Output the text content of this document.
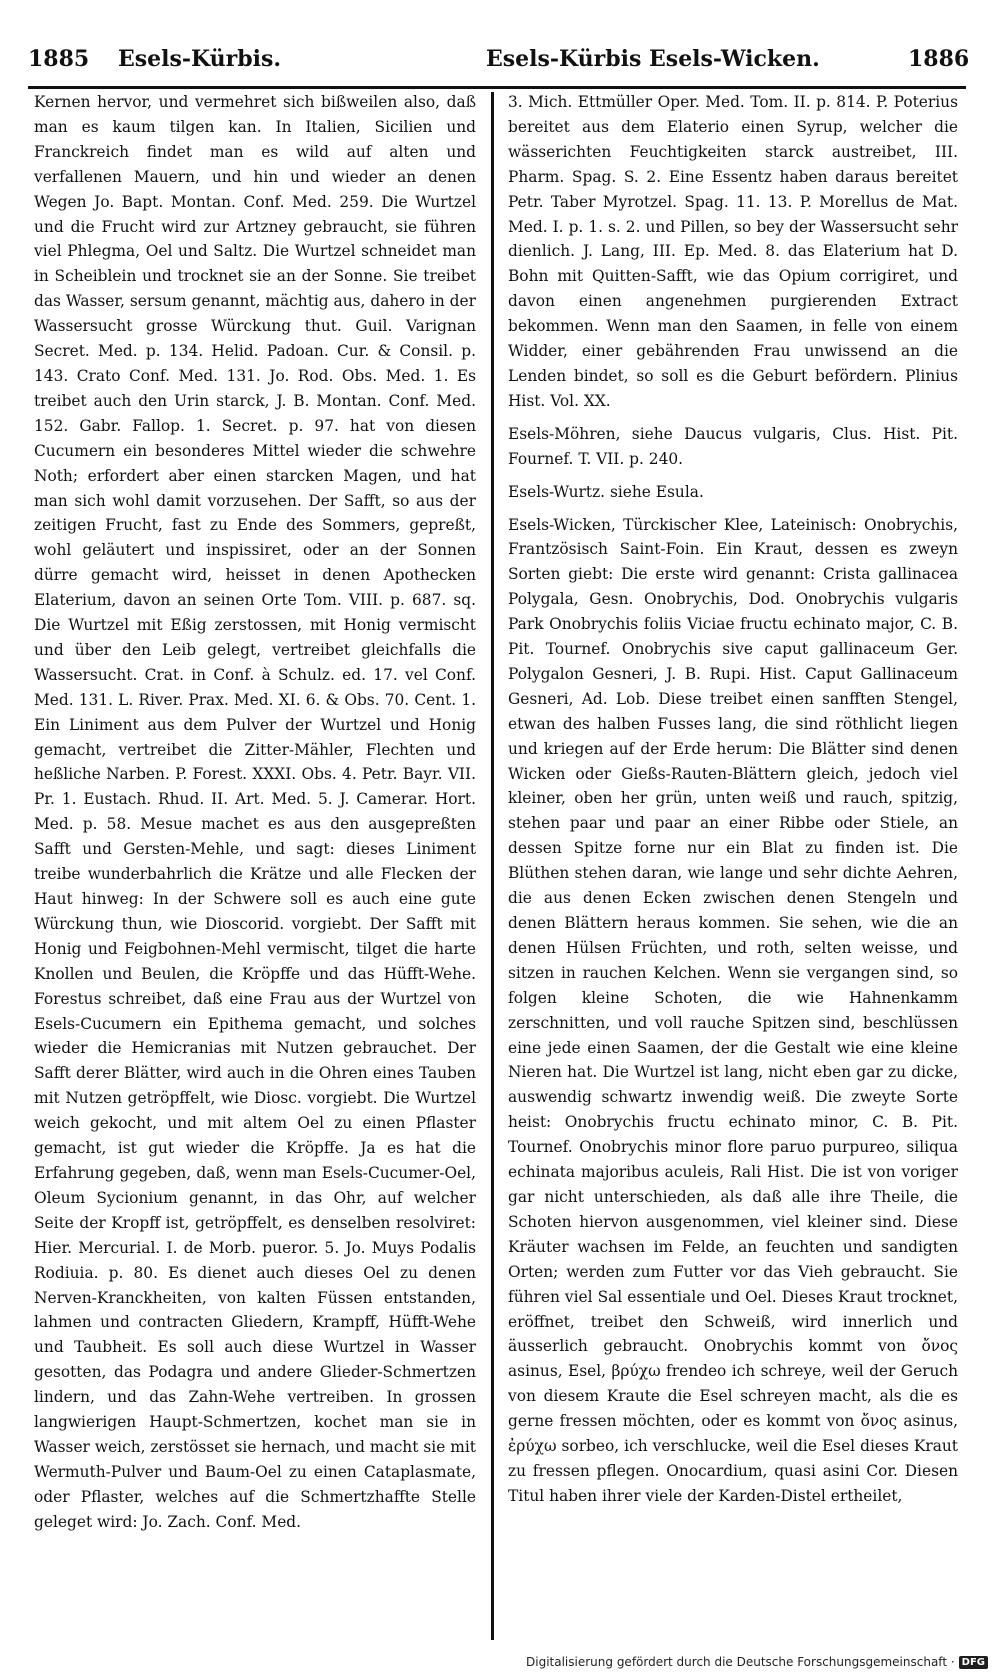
1885 Esels-Kürbis.	Esels-Kürbis Esels-Wicken.	1886

Kernen hervor, und vermehret sich bißweilen also, daß man es kaum tilgen kan. In Italien, Sicilien und Franckreich findet man es wild auf alten und verfallenen Mauern, und hin und wieder an denen Wegen Jo. Bapt. Montan. Conf. Med. 259. Die Wurtzel und die Frucht wird zur Artzney gebraucht, sie führen viel Phlegma, Oel und Saltz. Die Wurtzel schneidet man in Scheiblein und trocknet sie an der Sonne. Sie treibet das Wasser, sersum genannt, mächtig aus, dahero in der Wassersucht grosse Würckung thut. Guil. Varignan Secret. Med. p. 134. Helid. Padoan. Cur. & Consil. p. 143. Crato Conf. Med. 131. Jo. Rod. Obs. Med. 1. Es treibet auch den Urin starck, J. B. Montan. Conf. Med. 152. Gabr. Fallop. 1. Secret. p. 97. hat von diesen Cucumern ein besonderes Mittel wieder die schwehre Noth; erfordert aber einen starcken Magen, und hat man sich wohl damit vorzusehen. Der Safft, so aus der zeitigen Frucht, fast zu Ende des Sommers, gepreßt, wohl geläutert und inspissiret, oder an der Sonnen dürre gemacht wird, heisset in denen Apothecken Elaterium, davon an seinen Orte Tom. VIII. p. 687. sq. Die Wurtzel mit Eßig zerstossen, mit Honig vermischt und über den Leib gelegt, vertreibet gleichfalls die Wassersucht. Crat. in Conf. à Schulz. ed. 17. vel Conf. Med. 131. L. River. Prax. Med. XI. 6. & Obs. 70. Cent. 1. Ein Liniment aus dem Pulver der Wurtzel und Honig gemacht, vertreibet die Zitter-Mähler, Flechten und heßliche Narben. P. Forest. XXXI. Obs. 4. Petr. Bayr. VII. Pr. 1. Eustach. Rhud. II. Art. Med. 5. J. Camerar. Hort. Med. p. 58. Mesue machet es aus den ausgepreßten Safft und Gersten-Mehle, und sagt: dieses Liniment treibe wunderbahrlich die Krätze und alle Flecken der Haut hinweg: In der Schwere soll es auch eine gute Würckung thun, wie Dioscorid. vorgiebt. Der Safft mit Honig und Feigbohnen-Mehl vermischt, tilget die harte Knollen und Beulen, die Kröpffe und das Hüfft-Wehe. Forestus schreibet, daß eine Frau aus der Wurtzel von Esels-Cucumern ein Epithema gemacht, und solches wieder die Hemicranias mit Nutzen gebrauchet. Der Safft derer Blätter, wird auch in die Ohren eines Tauben mit Nutzen getröpffelt, wie Diosc. vorgiebt. Die Wurtzel weich gekocht, und mit altem Oel zu einen Pflaster gemacht, ist gut wieder die Kröpffe. Ja es hat die Erfahrung gegeben, daß, wenn man Esels-Cucumer-Oel, Oleum Sycionium genannt, in das Ohr, auf welcher Seite der Kropff ist, getröpffelt, es denselben resolviret: Hier. Mercurial. I. de Morb. pueror. 5. Jo. Muys Podalis Rodiuia. p. 80. Es dienet auch dieses Oel zu denen Nerven-Kranckheiten, von kalten Füssen entstanden, lahmen und contracten Gliedern, Krampff, Hüfft-Wehe und Taubheit. Es soll auch diese Wurtzel in Wasser gesotten, das Podagra und andere Glieder-Schmertzen lindern, und das Zahn-Wehe vertreiben. In grossen langwierigen Haupt-Schmertzen, kochet man sie in Wasser weich, zerstösset sie hernach, und macht sie mit Wermuth-Pulver und Baum-Oel zu einen Cataplasmate, oder Pflaster, welches auf die Schmertzhaffte Stelle geleget wird: Jo. Zach. Conf. Med.

3. Mich. Ettmüller Oper. Med. Tom. II. p. 814. P. Poterius bereitet aus dem Elaterio einen Syrup, welcher die wässerichten Feuchtigkeiten starck austreibet, III. Pharm. Spag. S. 2. Eine Essentz haben daraus bereitet Petr. Taber Myrotzel. Spag. 11. 13. P. Morellus de Mat. Med. I. p. 1. s. 2. und Pillen, so bey der Wassersucht sehr dienlich. J. Lang, III. Ep. Med. 8. das Elaterium hat D. Bohn mit Quitten-Safft, wie das Opium corrigiret, und davon einen angenehmen purgierenden Extract bekommen. Wenn man den Saamen, in felle von einem Widder, einer gebährenden Frau unwissend an die Lenden bindet, so soll es die Geburt befördern. Plinius Hist. Vol. XX.

Esels-Möhren, siehe Daucus vulgaris, Clus. Hist. Pit. Fournef. T. VII. p. 240.

Esels-Wurtz. siehe Esula.

Esels-Wicken, Türckischer Klee, Lateinisch: Onobrychis, Frantzösisch Saint-Foin. Ein Kraut, dessen es zweyn Sorten giebt: Die erste wird genannt: Crista gallinacea Polygala, Gesn. Onobrychis, Dod. Onobrychis vulgaris Park Onobrychis foliis Viciae fructu echinato major, C. B. Pit. Tournef. Onobrychis sive caput gallinaceum Ger. Polygalon Gesneri, J. B. Rupi. Hist. Caput Gallinaceum Gesneri, Ad. Lob. Diese treibet einen sanfften Stengel, etwan des halben Fusses lang, die sind röthlicht liegen und kriegen auf der Erde herum: Die Blätter sind denen Wicken oder Gießs-Rauten-Blättern gleich, jedoch viel kleiner, oben her grün, unten weiß und rauch, spitzig, stehen paar und paar an einer Ribbe oder Stiele, an dessen Spitze forne nur ein Blat zu finden ist. Die Blüthen stehen daran, wie lange und sehr dichte Aehren, die aus denen Ecken zwischen denen Stengeln und denen Blättern heraus kommen. Sie sehen, wie die an denen Hülsen Früchten, und roth, selten weisse, und sitzen in rauchen Kelchen. Wenn sie vergangen sind, so folgen kleine Schoten, die wie Hahnenkamm zerschnitten, und voll rauche Spitzen sind, beschlüssen eine jede einen Saamen, der die Gestalt wie eine kleine Nieren hat. Die Wurtzel ist lang, nicht eben gar zu dicke, auswendig schwartz inwendig weiß. Die zweyte Sorte heist: Onobrychis fructu echinato minor, C. B. Pit. Tournef. Onobrychis minor flore paruo purpureo, siliqua echinata majoribus aculeis, Rali Hist. Die ist von voriger gar nicht unterschieden, als daß alle ihre Theile, die Schoten hiervon ausgenommen, viel kleiner sind. Diese Kräuter wachsen im Felde, an feuchten und sandigten Orten; werden zum Futter vor das Vieh gebraucht. Sie führen viel Sal essentiale und Oel. Dieses Kraut trocknet, eröffnet, treibet den Schweiß, wird innerlich und äusserlich gebraucht. Onobrychis kommt von ὄνος asinus, Esel, βρύχω frendeo ich schreye, weil der Geruch von diesem Kraute die Esel schreyen macht, als die es gerne fressen möchten, oder es kommt von ὄνος asinus, ἐρύχω sorbeo, ich verschlucke, weil die Esel dieses Kraut zu fressen pflegen. Onocardium, quasi asini Cor. Diesen Titul haben ihrer viele der Karden-Distel ertheilet,

Digitalisierung gefördert durch die Deutsche Forschungsgemeinschaft · DFG
